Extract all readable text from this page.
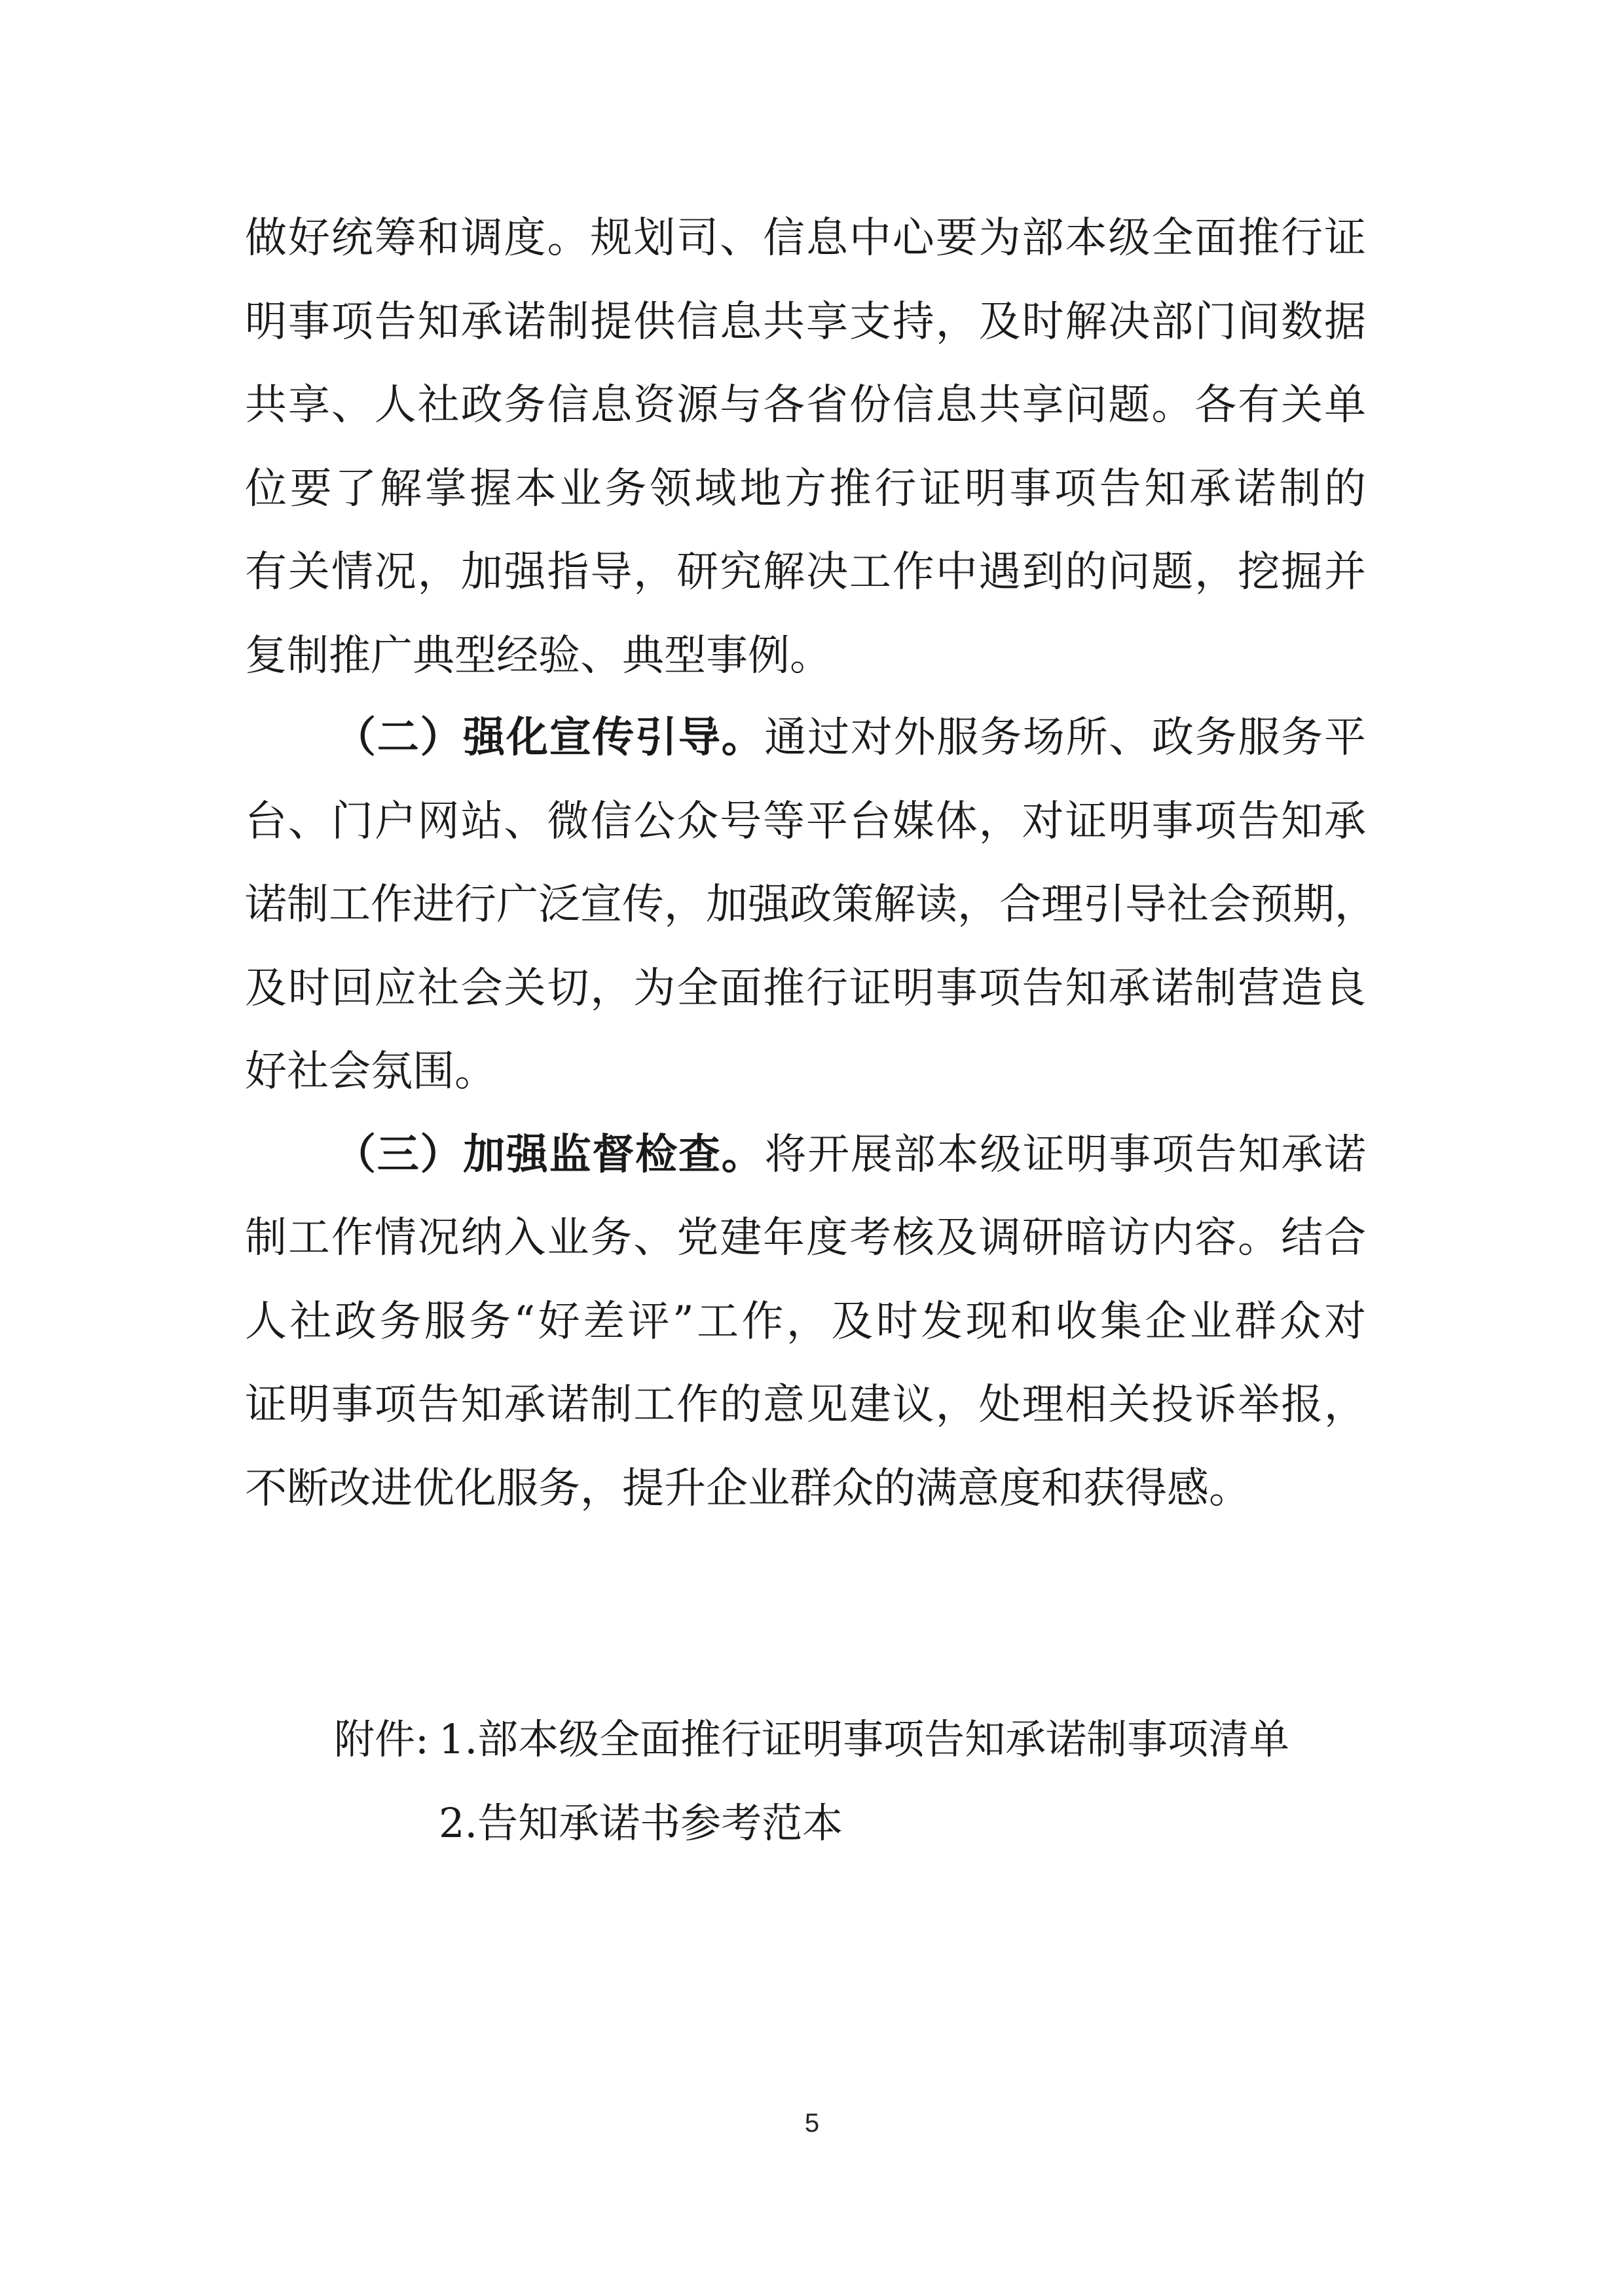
做好统筹和调度。规划司、信息中心要为部本级全面推行证
明事项告知承诺制提供信息共享支持，及时解决部门间数据
共享、人社政务信息资源与各省份信息共享问题。各有关单
位要了解掌握本业务领域地方推行证明事项告知承诺制的
有关情况，加强指导，研究解决工作中遇到的问题，挖掘并
复制推广典型经验、典型事例。
（二）强化宣传引导。通过对外服务场所、政务服务平
台、门户网站、微信公众号等平台媒体，对证明事项告知承
诺制工作进行广泛宣传，加强政策解读，合理引导社会预期，
及时回应社会关切，为全面推行证明事项告知承诺制营造良
好社会氛围。
（三）加强监督检查。将开展部本级证明事项告知承诺
制工作情况纳入业务、党建年度考核及调研暗访内容。结合
人社政务服务“好差评”工作，及时发现和收集企业群众对
证明事项告知承诺制工作的意见建议，处理相关投诉举报，
不断改进优化服务，提升企业群众的满意度和获得感。
附件: 1.部本级全面推行证明事项告知承诺制事项清单
2.告知承诺书参考范本
5
